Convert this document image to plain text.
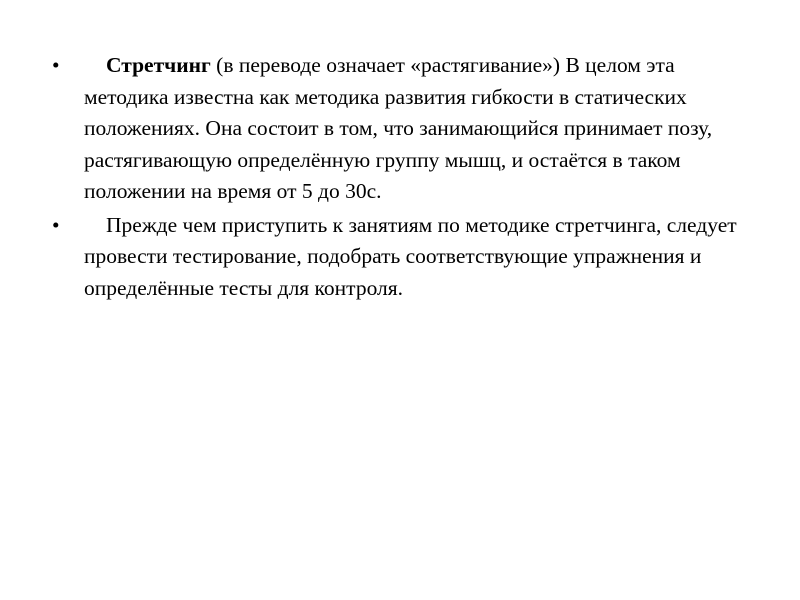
• Стретчинг (в переводе означает «растягивание») В целом эта методика известна как методика развития гибкости в статических положениях. Она состоит в том, что занимающийся принимает позу, растягивающую определённую группу мышц, и остаётся в таком положении на время от 5 до 30с.
• Прежде чем приступить к занятиям по методике стретчинга, следует провести тестирование, подобрать соответствующие упражнения и определённые тесты для контроля.
